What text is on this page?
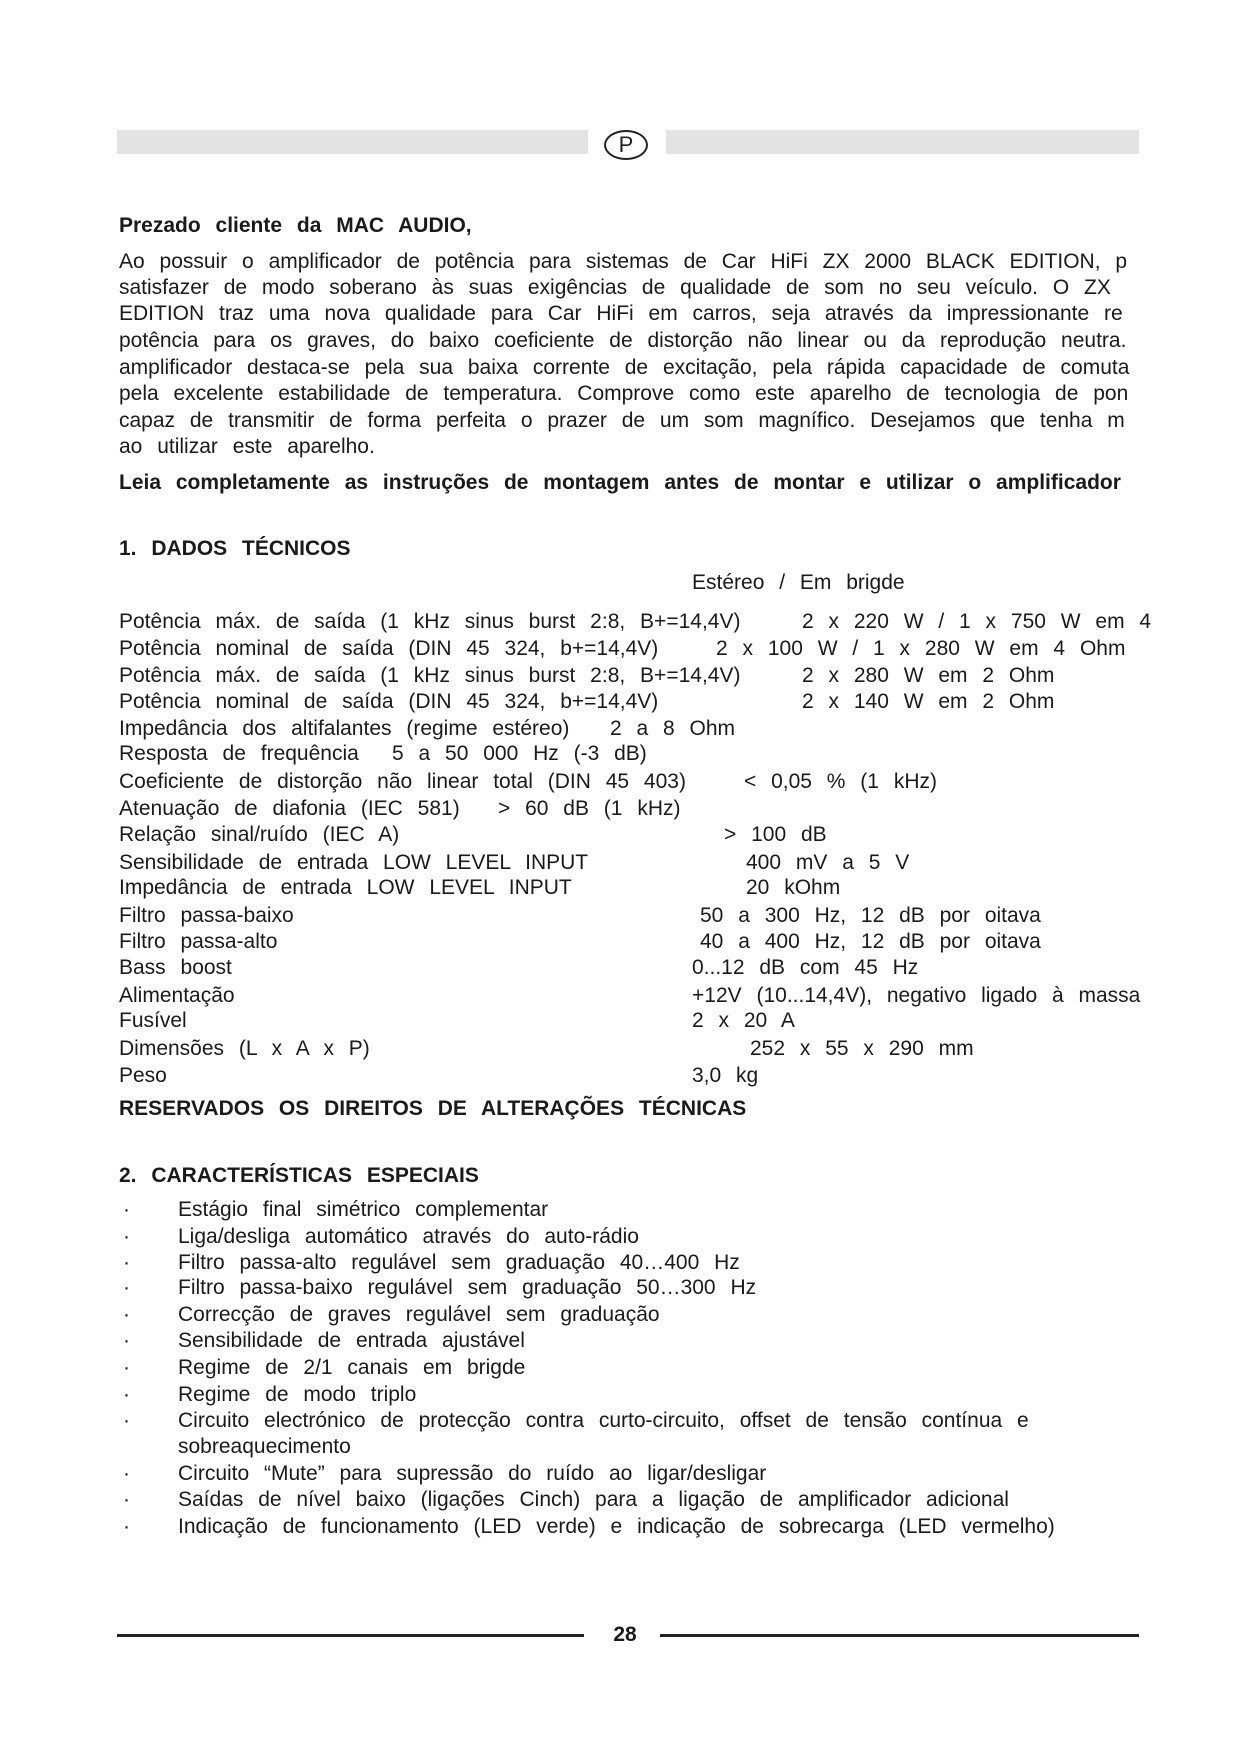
P
Prezado cliente da MAC AUDIO,
Ao possuir o amplificador de potência para sistemas de Car HiFi ZX 2000 BLACK EDITION, p
satisfazer de modo soberano às suas exigências de qualidade de som no seu veículo. O ZX
EDITION traz uma nova qualidade para Car HiFi em carros, seja através da impressionante re
potência para os graves, do baixo coeficiente de distorção não linear ou da reprodução neutra.
amplificador destaca-se pela sua baixa corrente de excitação, pela rápida capacidade de comuta
pela excelente estabilidade de temperatura. Comprove como este aparelho de tecnologia de pon
capaz de transmitir de forma perfeita o prazer de um som magnífico. Desejamos que tenha m
ao utilizar este aparelho.
Leia completamente as instruções de montagem antes de montar e utilizar o amplificador
1. DADOS TÉCNICOS
Estéreo / Em brigde
Potência máx. de saída (1 kHz sinus burst 2:8, B+=14,4V)	2 x 220 W / 1 x 750 W em 4
Potência nominal de saída (DIN 45 324, b+=14,4V)	2 x 100 W / 1 x 280 W em 4 Ohm
Potência máx. de saída (1 kHz sinus burst 2:8, B+=14,4V)	2 x 280 W em 2 Ohm
Potência nominal de saída (DIN 45 324, b+=14,4V)	2 x 140 W em 2 Ohm
Impedância dos altifalantes (regime estéreo) 2 a 8 Ohm
Resposta de frequência 5 a 50 000 Hz (-3 dB)
Coeficiente de distorção não linear total (DIN 45 403)	< 0,05 % (1 kHz)
Atenuação de diafonia (IEC 581) > 60 dB (1 kHz)
Relação sinal/ruído (IEC A)	> 100 dB
Sensibilidade de entrada LOW LEVEL INPUT	400 mV a 5 V
Impedância de entrada LOW LEVEL INPUT	20 kOhm
Filtro passa-baixo	50 a 300 Hz, 12 dB por oitava
Filtro passa-alto	40 a 400 Hz, 12 dB por oitava
Bass boost	0...12 dB com 45 Hz
Alimentação	+12V (10...14,4V), negativo ligado à massa
Fusível	2 x 20 A
Dimensões (L x A x P)	252 x 55 x 290 mm
Peso	3,0 kg
RESERVADOS OS DIREITOS DE ALTERAÇÕES TÉCNICAS
2. CARACTERÍSTICAS ESPECIAIS
· Estágio final simétrico complementar
· Liga/desliga automático através do auto-rádio
· Filtro passa-alto regulável sem graduação 40…400 Hz
· Filtro passa-baixo regulável sem graduação 50…300 Hz
· Correcção de graves regulável sem graduação
· Sensibilidade de entrada ajustável
· Regime de 2/1 canais em brigde
· Regime de modo triplo
· Circuito electrónico de protecção contra curto-circuito, offset de tensão contínua e sobreaquecimento
· Circuito “Mute” para supressão do ruído ao ligar/desligar
· Saídas de nível baixo (ligações Cinch) para a ligação de amplificador adicional
· Indicação de funcionamento (LED verde) e indicação de sobrecarga (LED vermelho)
28
